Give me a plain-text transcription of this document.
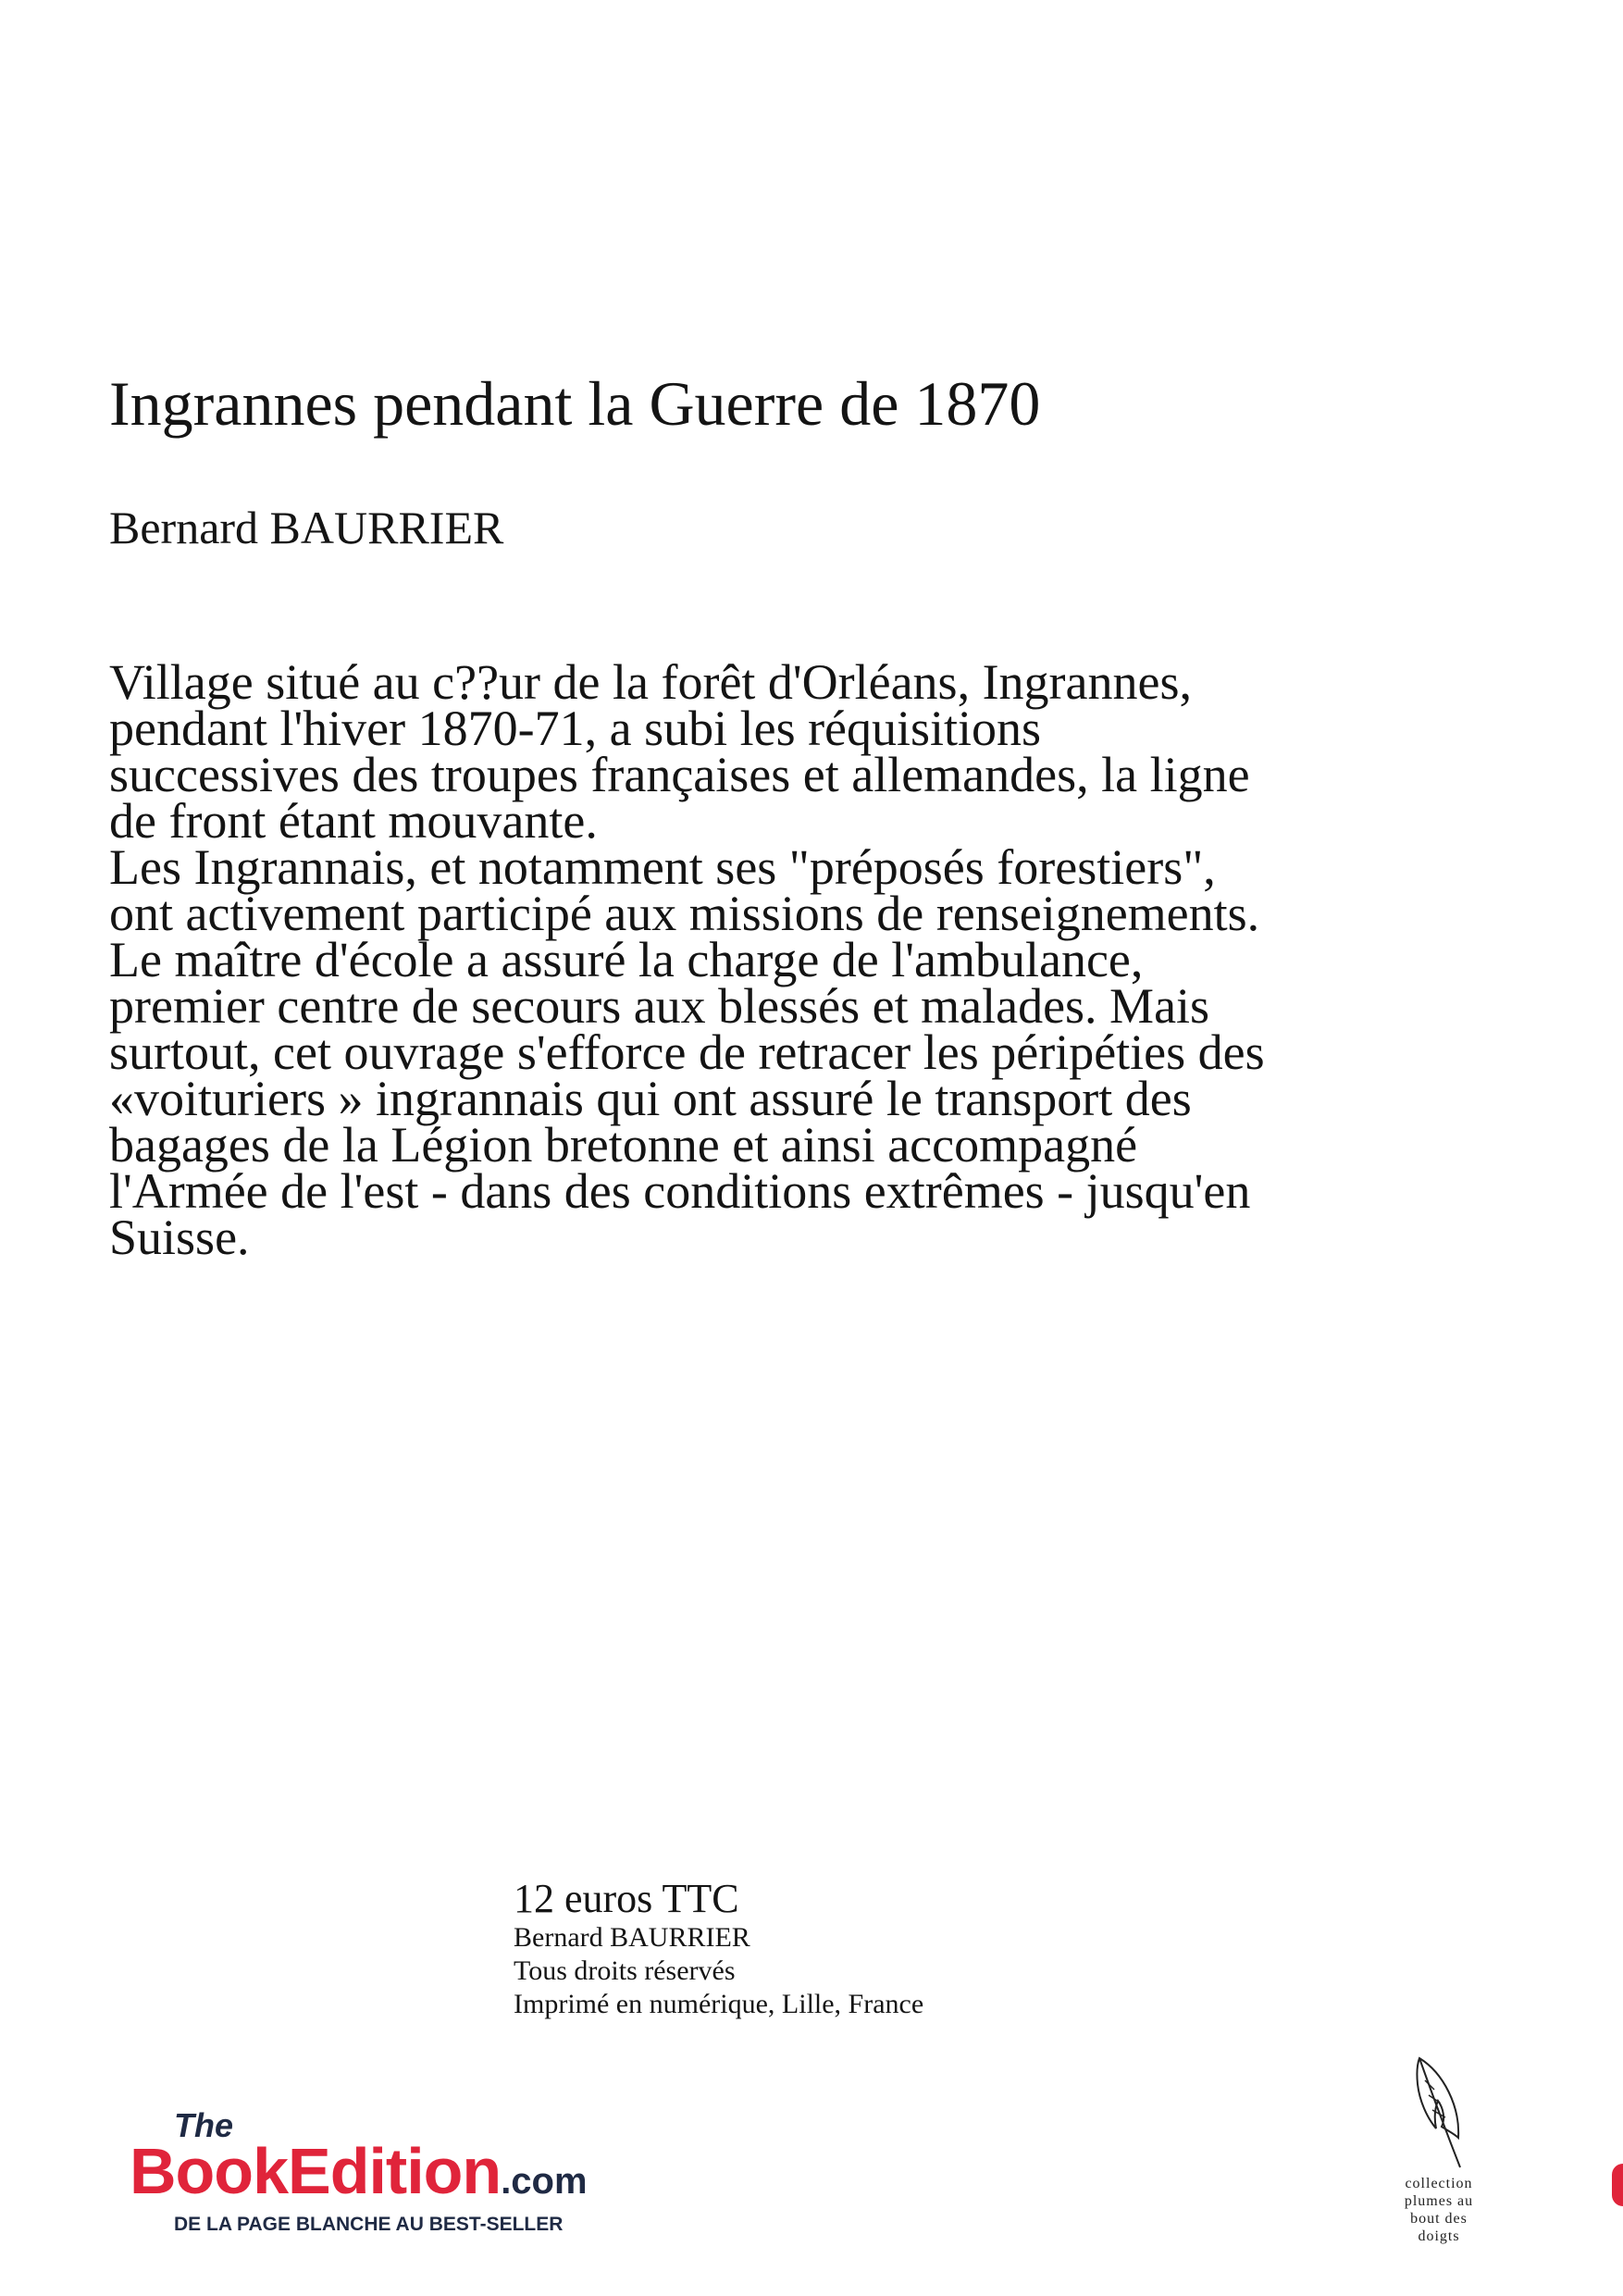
Ingrannes pendant la Guerre de 1870
Bernard BAURRIER

Village situé au c??ur de la forêt d'Orléans, Ingrannes, pendant l'hiver 1870-71, a subi les réquisitions successives des troupes françaises et allemandes, la ligne de front étant mouvante.

Les Ingrannais, et notamment ses "préposés forestiers", ont activement participé aux missions de renseignements. Le maître d'école a assuré la charge de l'ambulance, premier centre de secours aux blessés et malades. Mais surtout, cet ouvrage s'efforce de retracer les péripéties des «voituriers » ingrannais qui ont assuré le transport des bagages de la Légion bretonne et ainsi accompagné l'Armée de l'est - dans des conditions extrêmes - jusqu'en Suisse.

12 euros TTC
Bernard BAURRIER
Tous droits réservés
Imprimé en numérique, Lille, France
The
BookEdition.com
DE LA PAGE BLANCHE AU BEST-SELLER
collection
plumes au
bout des
doigts
